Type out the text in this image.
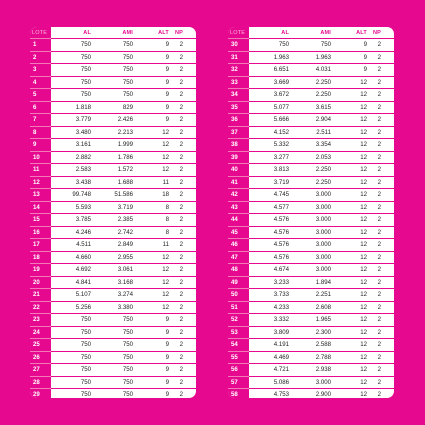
LOTE	AL	AMI	ALT	NP
1	750	750	9	2
2	750	750	9	2
3	750	750	9	2
4	750	750	9	2
5	750	750	9	2
6	1.818	829	9	2
7	3.779	2.426	9	2
8	3.480	2.213	12	2
9	3.161	1.999	12	2
10	2.882	1.786	12	2
11	2.583	1.572	12	2
12	3.438	1.688	11	2
13	99.748	51.586	18	2
14	5.593	3.719	8	2
15	3.785	2.385	8	2
16	4.246	2.742	8	2
17	4.511	2.849	11	2
18	4.660	2.955	12	2
19	4.692	3.061	12	2
20	4.841	3.168	12	2
21	5.107	3.274	12	2
22	5.256	3.380	12	2
23	750	750	9	2
24	750	750	9	2
25	750	750	9	2
26	750	750	9	2
27	750	750	9	2
28	750	750	9	2
29	750	750	9	2
LOTE	AL	AMI	ALT	NP
30	750	750	9	2
31	1.963	1.963	9	2
32	6.651	4.031	9	2
33	3.669	2.250	12	2
34	3.672	2.250	12	2
35	5.077	3.615	12	2
36	5.666	2.904	12	2
37	4.152	2.511	12	2
38	5.332	3.354	12	2
39	3.277	2.053	12	2
40	3.813	2.250	12	2
41	3.719	2.250	12	2
42	4.745	3.000	12	2
43	4.577	3.000	12	2
44	4.576	3.000	12	2
45	4.576	3.000	12	2
46	4.576	3.000	12	2
47	4.576	3.000	12	2
48	4.674	3.000	12	2
49	3.233	1.894	12	2
50	3.733	2.251	12	2
51	4.233	2.608	12	2
52	3.332	1.965	12	2
53	3.809	2.300	12	2
54	4.191	2.588	12	2
55	4.469	2.788	12	2
56	4.721	2.938	12	2
57	5.086	3.000	12	2
58	4.753	2.900	12	2
